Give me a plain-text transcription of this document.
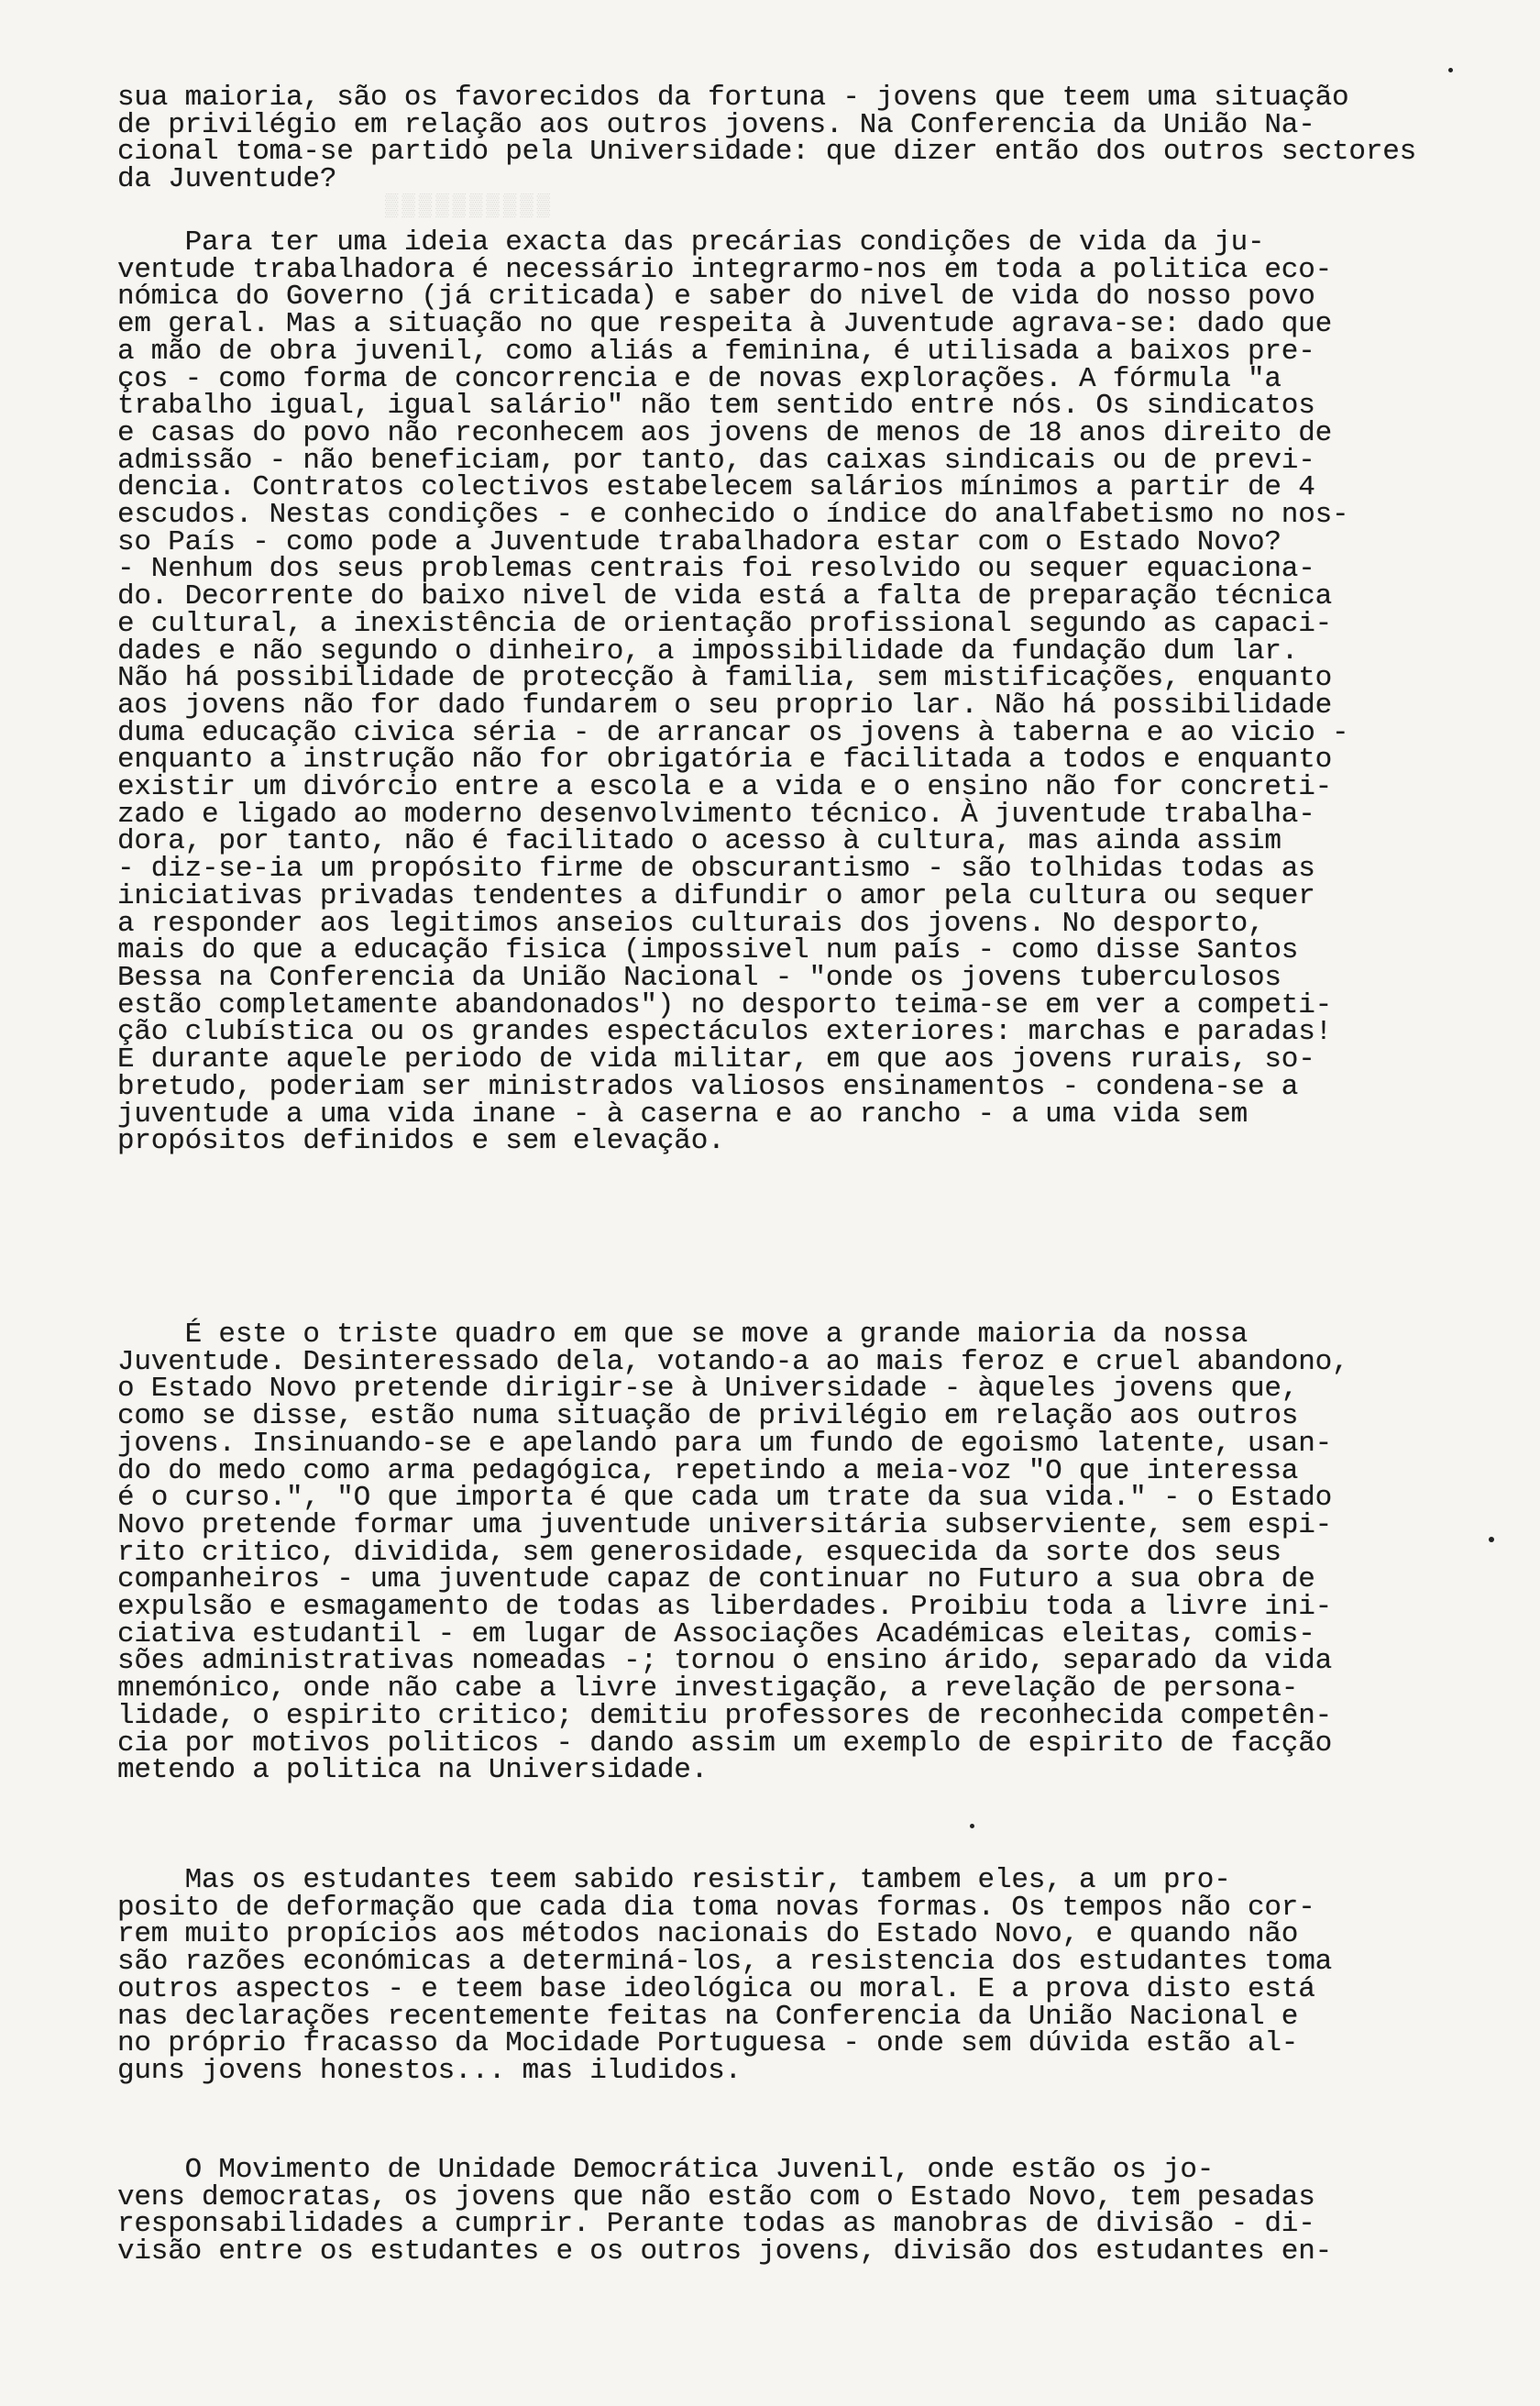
▒▒▒▒▒▒▒▒▒▒
sua maioria, são os favorecidos da fortuna - jovens que teem uma situação
de privilégio em relação aos outros jovens. Na Conferencia da União Na-
cional toma-se partido pela Universidade: que dizer então dos outros sectores
da Juventude?
Para ter uma ideia exacta das precárias condições de vida da ju-
ventude trabalhadora é necessário integrarmo-nos em toda a politica eco-
nómica do Governo (já criticada) e saber do nivel de vida do nosso povo
em geral. Mas a situação no que respeita à Juventude agrava-se: dado que
a mão de obra juvenil, como aliás a feminina, é utilisada a baixos pre-
ços - como forma de concorrencia e de novas explorações. A fórmula "a
trabalho igual, igual salário" não tem sentido entre nós. Os sindicatos
e casas do povo não reconhecem aos jovens de menos de 18 anos direito de
admissão - não beneficiam, por tanto, das caixas sindicais ou de previ-
dencia. Contratos colectivos estabelecem salários mínimos a partir de 4
escudos. Nestas condições - e conhecido o índice do analfabetismo no nos-
so País - como pode a Juventude trabalhadora estar com o Estado Novo?
- Nenhum dos seus problemas centrais foi resolvido ou sequer equaciona-
do. Decorrente do baixo nivel de vida está a falta de preparação técnica
e cultural, a inexistência de orientação profissional segundo as capaci-
dades e não segundo o dinheiro, a impossibilidade da fundação dum lar.
Não há possibilidade de protecção à familia, sem mistificações, enquanto
aos jovens não for dado fundarem o seu proprio lar. Não há possibilidade
duma educação civica séria - de arrancar os jovens à taberna e ao vicio -
enquanto a instrução não for obrigatória e facilitada a todos e enquanto
existir um divórcio entre a escola e a vida e o ensino não for concreti-
zado e ligado ao moderno desenvolvimento técnico. À juventude trabalha-
dora, por tanto, não é facilitado o acesso à cultura, mas ainda assim
- diz-se-ia um propósito firme de obscurantismo - são tolhidas todas as
iniciativas privadas tendentes a difundir o amor pela cultura ou sequer
a responder aos legitimos anseios culturais dos jovens. No desporto,
mais do que a educação fisica (impossivel num país - como disse Santos
Bessa na Conferencia da União Nacional - "onde os jovens tuberculosos
estão completamente abandonados") no desporto teima-se em ver a competi-
ção clubística ou os grandes espectáculos exteriores: marchas e paradas!
E durante aquele periodo de vida militar, em que aos jovens rurais, so-
bretudo, poderiam ser ministrados valiosos ensinamentos - condena-se a
juventude a uma vida inane - à caserna e ao rancho - a uma vida sem
propósitos definidos e sem elevação.
É este o triste quadro em que se move a grande maioria da nossa
Juventude. Desinteressado dela, votando-a ao mais feroz e cruel abandono,
o Estado Novo pretende dirigir-se à Universidade - àqueles jovens que,
como se disse, estão numa situação de privilégio em relação aos outros
jovens. Insinuando-se e apelando para um fundo de egoismo latente, usan-
do do medo como arma pedagógica, repetindo a meia-voz "O que interessa
é o curso.", "O que importa é que cada um trate da sua vida." - o Estado
Novo pretende formar uma juventude universitária subserviente, sem espi-
rito critico, dividida, sem generosidade, esquecida da sorte dos seus
companheiros - uma juventude capaz de continuar no Futuro a sua obra de
expulsão e esmagamento de todas as liberdades. Proibiu toda a livre ini-
ciativa estudantil - em lugar de Associações Académicas eleitas, comis-
sões administrativas nomeadas -; tornou o ensino árido, separado da vida
mnemónico, onde não cabe a livre investigação, a revelação de persona-
lidade, o espirito critico; demitiu professores de reconhecida competên-
cia por motivos politicos - dando assim um exemplo de espirito de facção
metendo a politica na Universidade.
Mas os estudantes teem sabido resistir, tambem eles, a um pro-
posito de deformação que cada dia toma novas formas. Os tempos não cor-
rem muito propícios aos métodos nacionais do Estado Novo, e quando não
são razões económicas a determiná-los, a resistencia dos estudantes toma
outros aspectos - e teem base ideológica ou moral. E a prova disto está
nas declarações recentemente feitas na Conferencia da União Nacional e
no próprio fracasso da Mocidade Portuguesa - onde sem dúvida estão al-
guns jovens honestos... mas iludidos.
O Movimento de Unidade Democrática Juvenil, onde estão os jo-
vens democratas, os jovens que não estão com o Estado Novo, tem pesadas
responsabilidades a cumprir. Perante todas as manobras de divisão - di-
visão entre os estudantes e os outros jovens, divisão dos estudantes en-
